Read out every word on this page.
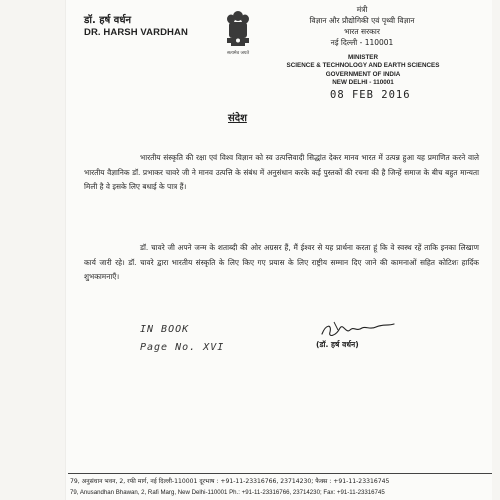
डॉ. हर्ष वर्धन
DR. HARSH VARDHAN
सत्यमेव जयते
मंत्री
विज्ञान और प्रौद्योगिकी एवं पृथ्वी विज्ञान
भारत सरकार
नई दिल्ली - 110001
MINISTER
SCIENCE & TECHNOLOGY AND EARTH SCIENCES
GOVERNMENT OF INDIA
NEW DELHI - 110001
08 FEB 2016
संदेश
भारतीय संस्कृति की रक्षा एवं विश्व विज्ञान को स्व उत्पत्तिवादी सिद्धांत देकर मानव भारत में उत्पन्न हुआ यह प्रमाणित करने वाले भारतीय वैज्ञानिक डॉ. प्रभाकर चावरे जी ने मानव उत्पत्ति के संबंध में अनुसंधान करके कई पुस्तकों की रचना की है जिन्हें समाज के बीच बहुत मान्यता मिली है वे इसके लिए बधाई के पात्र हैं।
डॉ. चावरे जी अपने जन्म के शताब्दी की ओर अग्रसर हैं, मैं ईश्वर से यह प्रार्थना करता हूं कि वे स्वस्थ रहें ताकि इनका लिखाण कार्य जारी रहे। डॉ. चावरे द्वारा भारतीय संस्कृति के लिए किए गए प्रयास के लिए राष्ट्रीय सम्मान दिए जाने की कामनाओं सहित कोटिशः हार्दिक शुभकामनाएँ।
IN BOOK
Page No. XVI	(डॉ. हर्ष वर्धन)
79, अनुसंधान भवन, 2, रफी मार्ग, नई दिल्ली-110001 दूरभाष : +91-11-23316766, 23714230; फैक्स : +91-11-23316745
79, Anusandhan Bhawan, 2, Rafi Marg, New Delhi-110001 Ph.: +91-11-23316766, 23714230; Fax: +91-11-23316745
